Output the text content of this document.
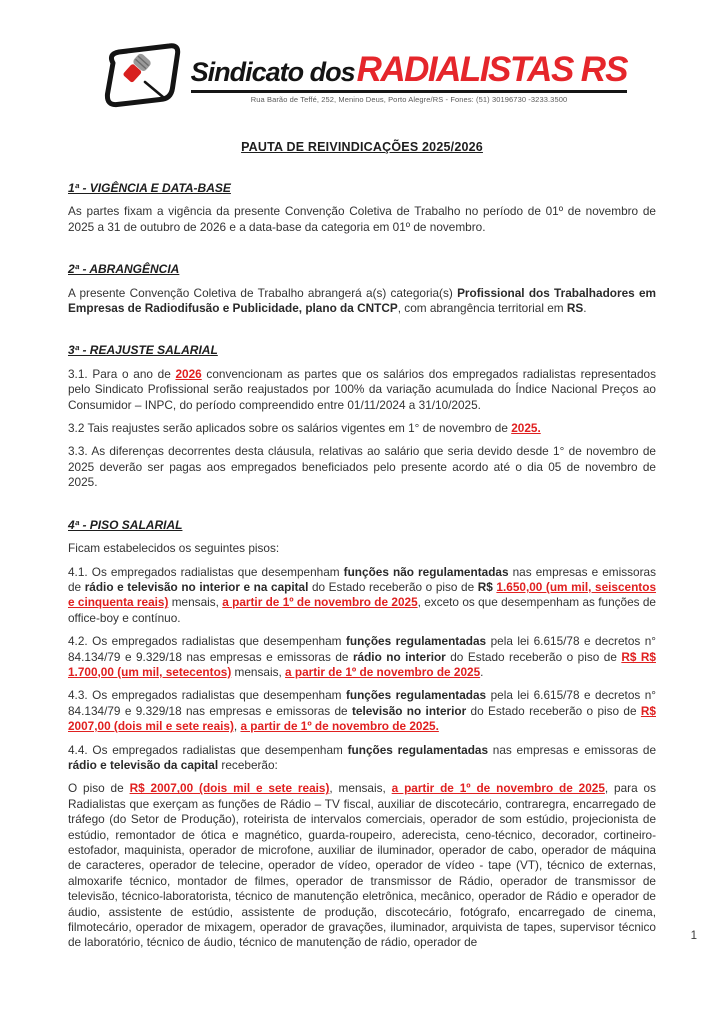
Sindicato dos RADIALISTAS RS
Rua Barão de Teffé, 252, Menino Deus, Porto Alegre/RS - Fones: (51) 30196730 -3233.3500
PAUTA DE REIVINDICAÇÕES 2025/2026
1ª - VIGÊNCIA E DATA-BASE

As partes fixam a vigência da presente Convenção Coletiva de Trabalho no período de 01º de novembro de 2025 a 31 de outubro de 2026 e a data-base da categoria em 01º de novembro.

2ª - ABRANGÊNCIA

A presente Convenção Coletiva de Trabalho abrangerá a(s) categoria(s) Profissional dos Trabalhadores em Empresas de Radiodifusão e Publicidade, plano da CNTCP, com abrangência territorial em RS.

3ª - REAJUSTE SALARIAL

3.1. Para o ano de 2026 convencionam as partes que os salários dos empregados radialistas representados pelo Sindicato Profissional serão reajustados por 100% da variação acumulada do Índice Nacional Preços ao Consumidor – INPC, do período compreendido entre 01/11/2024 a 31/10/2025.

3.2 Tais reajustes serão aplicados sobre os salários vigentes em 1° de novembro de 2025.

3.3. As diferenças decorrentes desta cláusula, relativas ao salário que seria devido desde 1° de novembro de 2025 deverão ser pagas aos empregados beneficiados pelo presente acordo até o dia 05 de novembro de 2025.

4ª - PISO SALARIAL

Ficam estabelecidos os seguintes pisos:

4.1. Os empregados radialistas que desempenham funções não regulamentadas nas empresas e emissoras de rádio e televisão no interior e na capital do Estado receberão o piso de R$ 1.650,00 (um mil, seiscentos e cinquenta reais) mensais, a partir de 1º de novembro de 2025, exceto os que desempenham as funções de office-boy e contínuo.

4.2. Os empregados radialistas que desempenham funções regulamentadas pela lei 6.615/78 e decretos n° 84.134/79 e 9.329/18 nas empresas e emissoras de rádio no interior do Estado receberão o piso de R$ R$ 1.700,00 (um mil, setecentos) mensais, a partir de 1º de novembro de 2025.

4.3. Os empregados radialistas que desempenham funções regulamentadas pela lei 6.615/78 e decretos n° 84.134/79 e 9.329/18 nas empresas e emissoras de televisão no interior do Estado receberão o piso de R$ 2007,00 (dois mil e sete reais), a partir de 1º de novembro de 2025.

4.4. Os empregados radialistas que desempenham funções regulamentadas nas empresas e emissoras de rádio e televisão da capital receberão:

O piso de R$ 2007,00 (dois mil e sete reais), mensais, a partir de 1º de novembro de 2025, para os Radialistas que exerçam as funções de Rádio – TV fiscal, auxiliar de discotecário, contraregra, encarregado de tráfego (do Setor de Produção), roteirista de intervalos comerciais, operador de som estúdio, projecionista de estúdio, remontador de ótica e magnético, guarda-roupeiro, aderecista, ceno-técnico, decorador, cortineiro-estofador, maquinista, operador de microfone, auxiliar de iluminador, operador de cabo, operador de máquina de caracteres, operador de telecine, operador de vídeo, operador de vídeo - tape (VT), técnico de externas, almoxarife técnico, montador de filmes, operador de transmissor de Rádio, operador de transmissor de televisão, técnico-laboratorista, técnico de manutenção eletrônica, mecânico, operador de Rádio e operador de áudio, assistente de estúdio, assistente de produção, discotecário, fotógrafo, encarregado de cinema, filmotecário, operador de mixagem, operador de gravações, iluminador, arquivista de tapes, supervisor técnico de laboratório, técnico de áudio, técnico de manutenção de rádio, operador de	1
